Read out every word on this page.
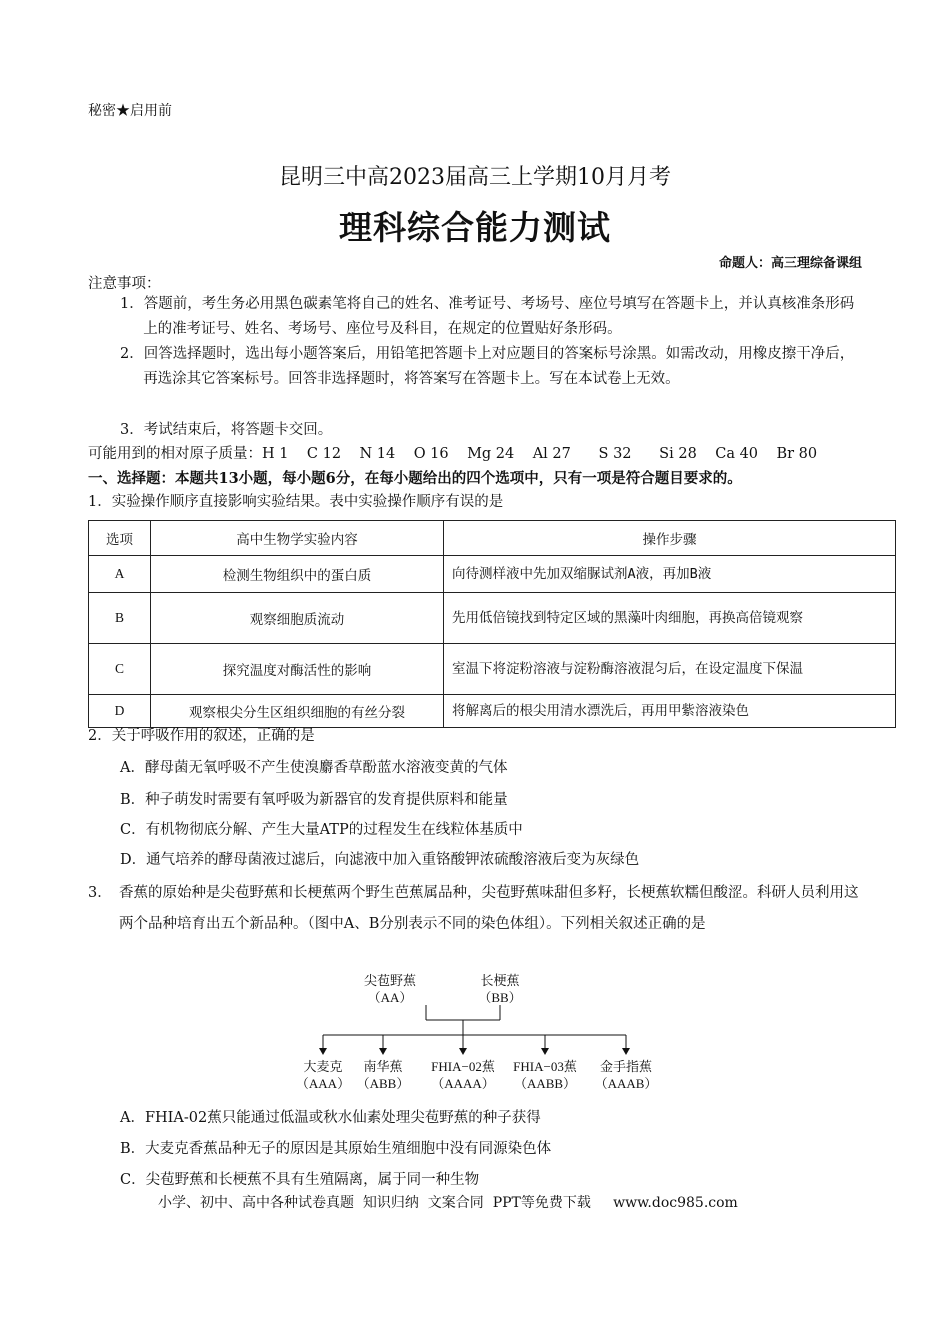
秘密★启用前
昆明三中高2023届高三上学期10月月考
理科综合能力测试
命题人：高三理综备课组
注意事项：
1．答题前，考生务必用黑色碳素笔将自己的姓名、准考证号、考场号、座位号填写在答题卡上，并认真核准条形码上的准考证号、姓名、考场号、座位号及科目，在规定的位置贴好条形码。
2．回答选择题时，选出每小题答案后，用铅笔把答题卡上对应题目的答案标号涂黑。如需改动，用橡皮擦干净后，再选涂其它答案标号。回答非选择题时，将答案写在答题卡上。写在本试卷上无效。
3．考试结束后，将答题卡交回。
可能用到的相对原子质量：H 1    C 12    N 14    O 16    Mg 24    Al 27      S 32      Si 28    Ca 40    Br 80
一、选择题：本题共13小题，每小题6分，在每小题给出的四个选项中，只有一项是符合题目要求的。
1．实验操作顺序直接影响实验结果。表中实验操作顺序有误的是
选项	高中生物学实验内容	操作步骤
A	检测生物组织中的蛋白质	向待测样液中先加双缩脲试剂A液，再加B液
B	观察细胞质流动	先用低倍镜找到特定区域的黑藻叶肉细胞，再换高倍镜观察
C	探究温度对酶活性的影响	室温下将淀粉溶液与淀粉酶溶液混匀后，在设定温度下保温
D	观察根尖分生区组织细胞的有丝分裂	将解离后的根尖用清水漂洗后，再用甲紫溶液染色
2．关于呼吸作用的叙述，正确的是
A．酵母菌无氧呼吸不产生使溴麝香草酚蓝水溶液变黄的气体
B．种子萌发时需要有氧呼吸为新器官的发育提供原料和能量
C．有机物彻底分解、产生大量ATP的过程发生在线粒体基质中
D．通气培养的酵母菌液过滤后，向滤液中加入重铬酸钾浓硫酸溶液后变为灰绿色
3． 香蕉的原始种是尖苞野蕉和长梗蕉两个野生芭蕉属品种，尖苞野蕉味甜但多籽，长梗蕉软糯但酸涩。科研人员利用这两个品种培育出五个新品种。（图中A、B分别表示不同的染色体组）。下列相关叙述正确的是
尖苞野蕉
（AA）
长梗蕉
（BB）
大麦克
（AAA）
南华蕉
（ABB）
FHIA−02蕉
（AAAA）
FHIA−03蕉
（AABB）
金手指蕉
（AAAB）
A．FHIA-02蕉只能通过低温或秋水仙素处理尖苞野蕉的种子获得
B．大麦克香蕉品种无子的原因是其原始生殖细胞中没有同源染色体
C．尖苞野蕉和长梗蕉不具有生殖隔离，属于同一种生物
小学、初中、高中各种试卷真题  知识归纳  文案合同  PPT等免费下载     www.doc985.com
